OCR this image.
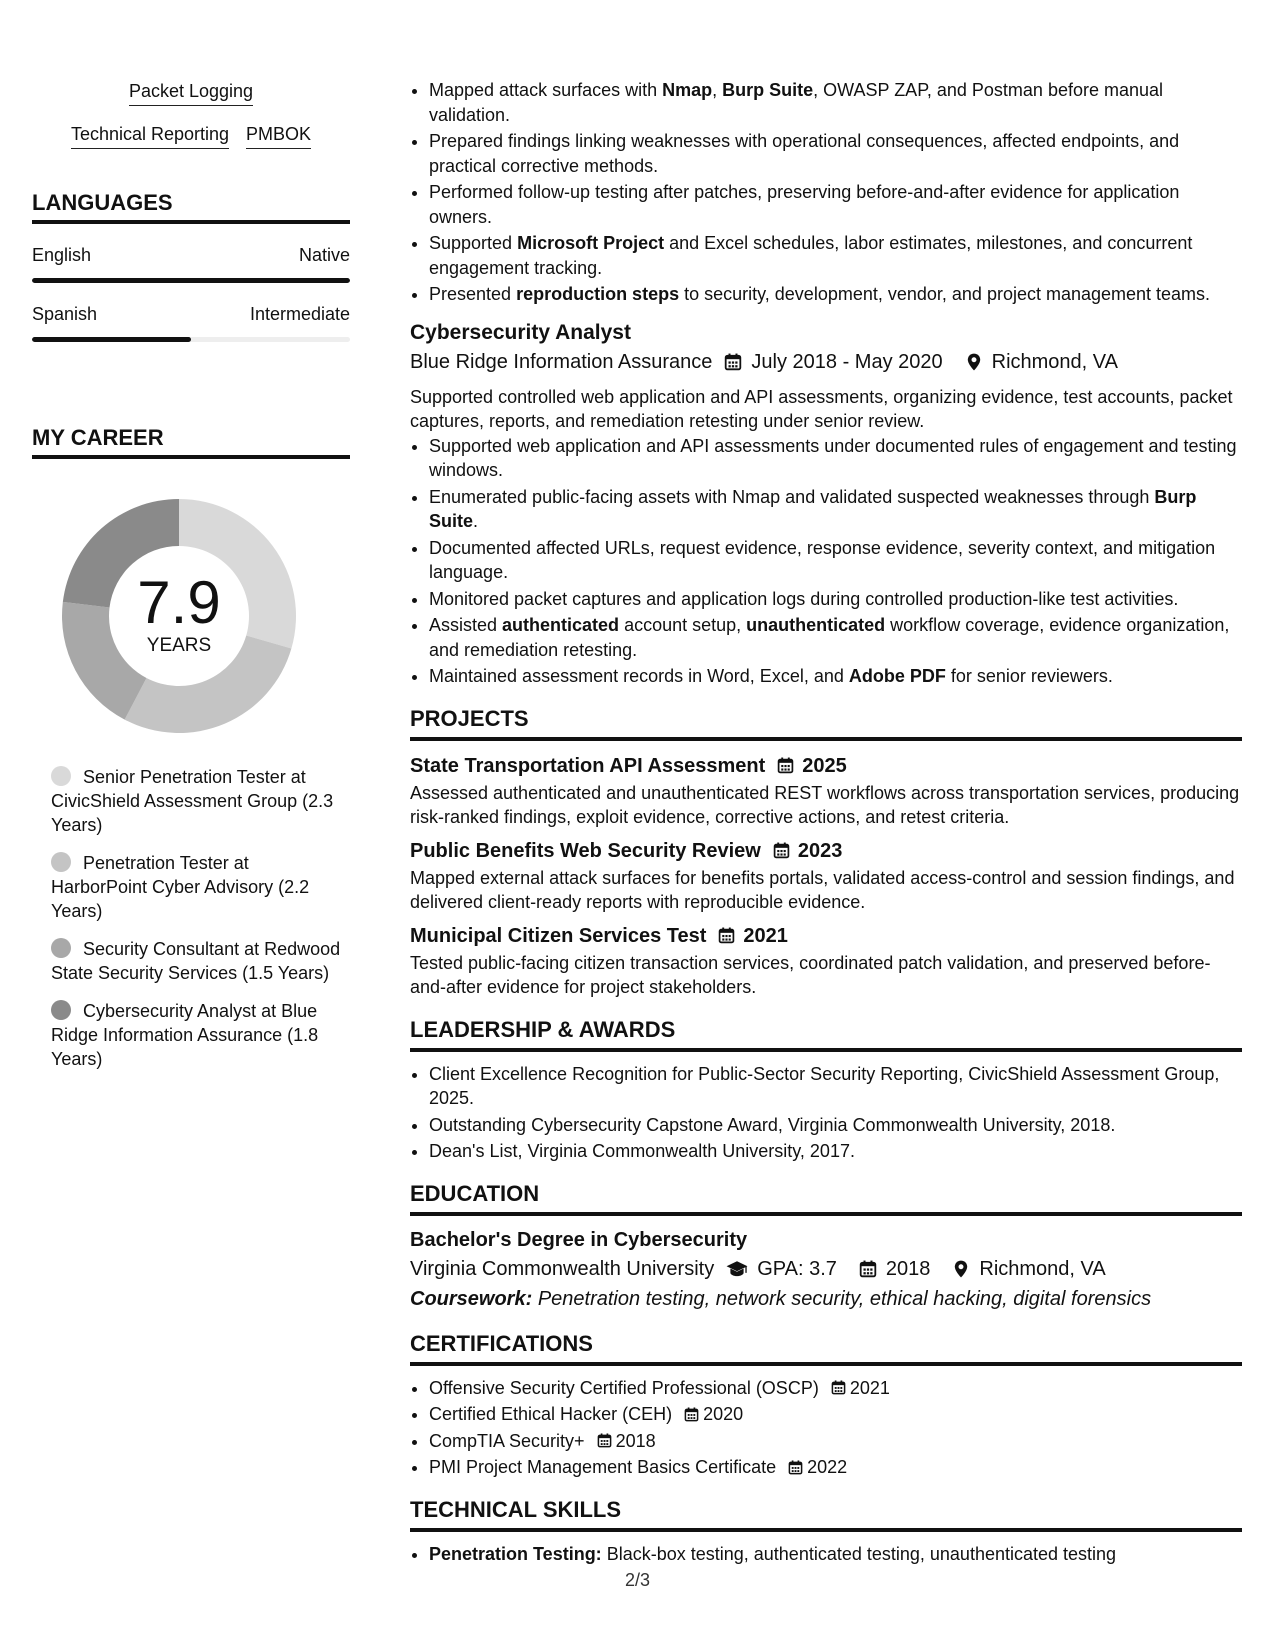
Packet Logging
Technical Reporting PMBOK
LANGUAGES
English	Native
Spanish	Intermediate
MY CAREER
7.9
YEARS
Senior Penetration Tester at CivicShield Assessment Group (2.3 Years)
Penetration Tester at HarborPoint Cyber Advisory (2.2 Years)
Security Consultant at Redwood State Security Services (1.5 Years)
Cybersecurity Analyst at Blue Ridge Information Assurance (1.8 Years)
• Mapped attack surfaces with Nmap, Burp Suite, OWASP ZAP, and Postman before manual validation.
• Prepared findings linking weaknesses with operational consequences, affected endpoints, and practical corrective methods.
• Performed follow-up testing after patches, preserving before-and-after evidence for application owners.
• Supported Microsoft Project and Excel schedules, labor estimates, milestones, and concurrent engagement tracking.
• Presented reproduction steps to security, development, vendor, and project management teams.
Cybersecurity Analyst
Blue Ridge Information Assurance July 2018 - May 2020 Richmond, VA
Supported controlled web application and API assessments, organizing evidence, test accounts, packet captures, reports, and remediation retesting under senior review.
• Supported web application and API assessments under documented rules of engagement and testing windows.
• Enumerated public-facing assets with Nmap and validated suspected weaknesses through Burp Suite.
• Documented affected URLs, request evidence, response evidence, severity context, and mitigation language.
• Monitored packet captures and application logs during controlled production-like test activities.
• Assisted authenticated account setup, unauthenticated workflow coverage, evidence organization, and remediation retesting.
• Maintained assessment records in Word, Excel, and Adobe PDF for senior reviewers.
PROJECTS
State Transportation API Assessment 2025
Assessed authenticated and unauthenticated REST workflows across transportation services, producing risk-ranked findings, exploit evidence, corrective actions, and retest criteria.
Public Benefits Web Security Review 2023
Mapped external attack surfaces for benefits portals, validated access-control and session findings, and delivered client-ready reports with reproducible evidence.
Municipal Citizen Services Test 2021
Tested public-facing citizen transaction services, coordinated patch validation, and preserved before-and-after evidence for project stakeholders.
LEADERSHIP & AWARDS
• Client Excellence Recognition for Public-Sector Security Reporting, CivicShield Assessment Group, 2025.
• Outstanding Cybersecurity Capstone Award, Virginia Commonwealth University, 2018.
• Dean's List, Virginia Commonwealth University, 2017.
EDUCATION
Bachelor's Degree in Cybersecurity
Virginia Commonwealth University GPA: 3.7 2018 Richmond, VA
Coursework: Penetration testing, network security, ethical hacking, digital forensics
CERTIFICATIONS
• Offensive Security Certified Professional (OSCP) 2021
• Certified Ethical Hacker (CEH) 2020
• CompTIA Security+ 2018
• PMI Project Management Basics Certificate 2022
TECHNICAL SKILLS
• Penetration Testing: Black-box testing, authenticated testing, unauthenticated testing
2/3
